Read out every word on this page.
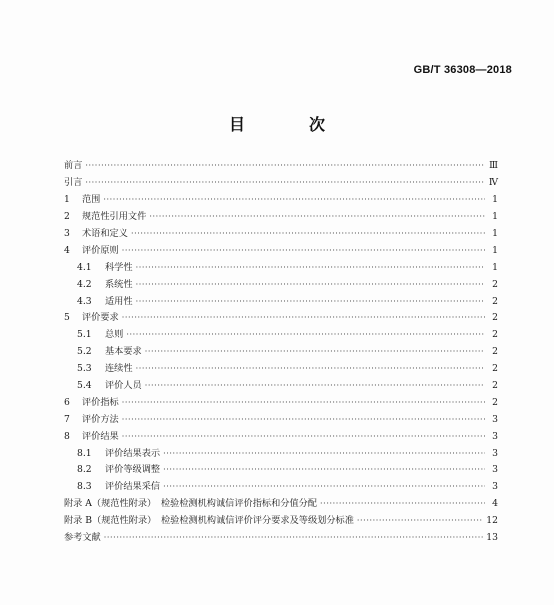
GB/T 36308—2018
目　次
前言 ·····	Ⅲ
引言 ·····	Ⅳ
1 范围 ·····	1
2 规范性引用文件 ·····	1
3 术语和定义 ·····	1
4 评价原则 ·····	1
4.1 科学性 ·····	1
4.2 系统性 ·····	2
4.3 适用性 ·····	2
5 评价要求 ·····	2
5.1 总则 ·····	2
5.2 基本要求 ·····	2
5.3 连续性 ·····	2
5.4 评价人员 ·····	2
6 评价指标 ·····	2
7 评价方法 ·····	3
8 评价结果 ·····	3
8.1 评价结果表示 ·····	3
8.2 评价等级调整 ·····	3
8.3 评价结果采信 ·····	3
附录 A（规范性附录）　检验检测机构诚信评价指标和分值分配 ·····	4
附录 B（规范性附录）　检验检测机构诚信评价评分要求及等级划分标准 ·····	12
参考文献 ·····	13
